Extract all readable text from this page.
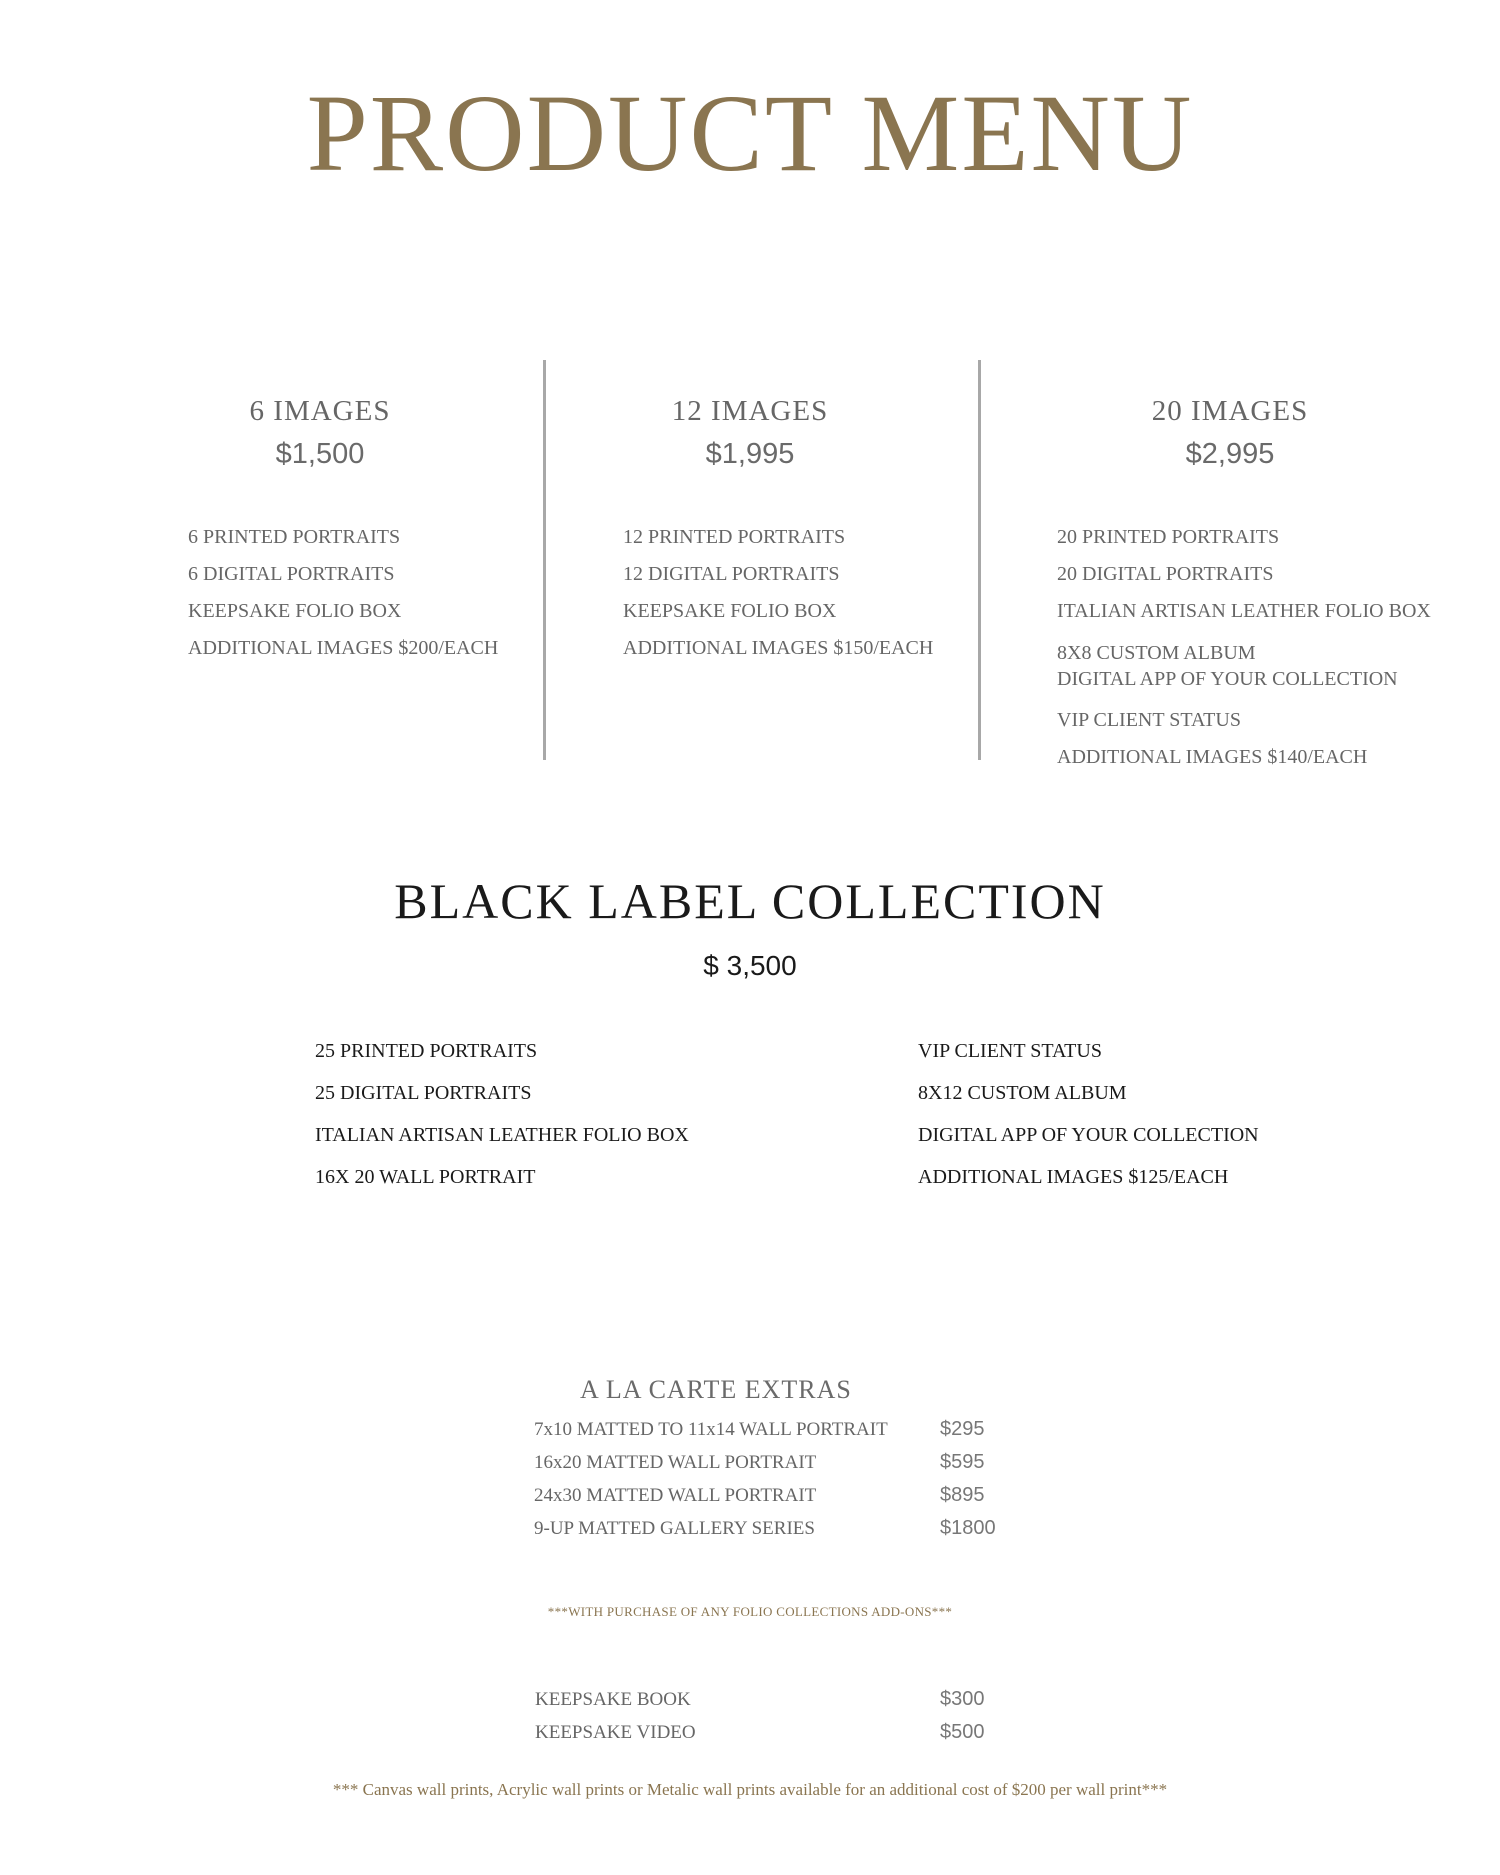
PRODUCT MENU
6 IMAGES
$1,500
6 PRINTED PORTRAITS
6 DIGITAL PORTRAITS
KEEPSAKE FOLIO BOX
ADDITIONAL IMAGES $200/EACH
12 IMAGES
$1,995
12 PRINTED PORTRAITS
12 DIGITAL PORTRAITS
KEEPSAKE FOLIO BOX
ADDITIONAL IMAGES $150/EACH
20 IMAGES
$2,995
20 PRINTED PORTRAITS
20 DIGITAL PORTRAITS
ITALIAN ARTISAN LEATHER FOLIO BOX
8X8 CUSTOM ALBUM
DIGITAL APP OF YOUR COLLECTION
VIP CLIENT STATUS
ADDITIONAL IMAGES $140/EACH
BLACK LABEL COLLECTION
$ 3,500
25 PRINTED PORTRAITS
25 DIGITAL PORTRAITS
ITALIAN ARTISAN LEATHER FOLIO BOX
16X 20 WALL PORTRAIT
VIP CLIENT STATUS
8X12 CUSTOM ALBUM
DIGITAL APP OF YOUR COLLECTION
ADDITIONAL IMAGES $125/EACH
A LA CARTE EXTRAS
7x10 MATTED TO 11x14 WALL PORTRAIT	$295
16x20 MATTED WALL PORTRAIT	$595
24x30 MATTED WALL PORTRAIT	$895
9-UP MATTED GALLERY SERIES	$1800
***WITH PURCHASE OF ANY FOLIO COLLECTIONS ADD-ONS***
KEEPSAKE BOOK	$300
KEEPSAKE VIDEO	$500
*** Canvas wall prints, Acrylic wall prints or Metalic wall prints available for an additional cost of $200 per wall print***
